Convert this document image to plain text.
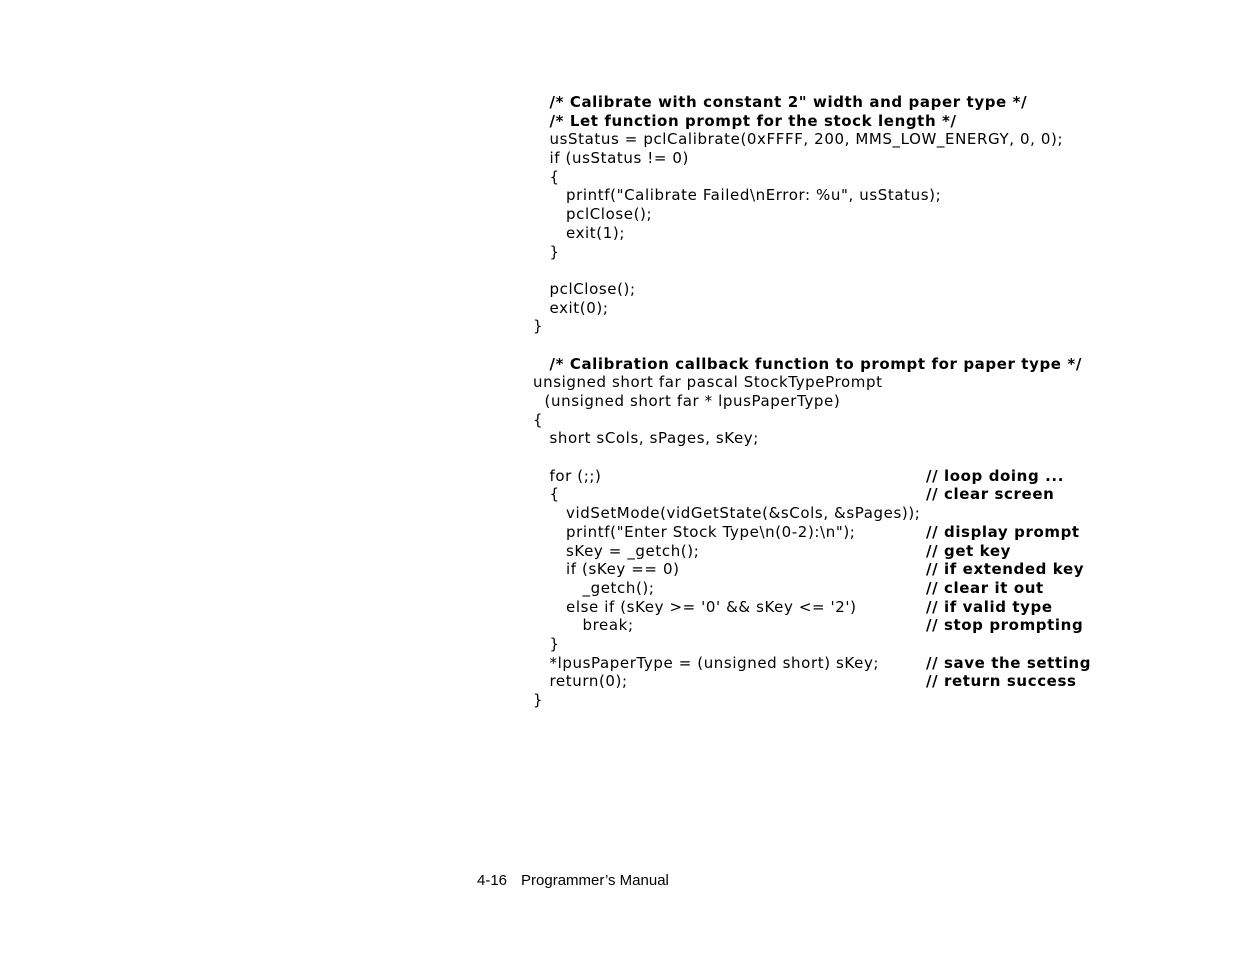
/* Calibrate with constant 2" width and paper type */
/* Let function prompt for the stock length */
usStatus = pclCalibrate(0xFFFF, 200, MMS_LOW_ENERGY, 0, 0);
if (usStatus != 0)
{
printf("Calibrate Failed\nError: %u", usStatus);
pclClose();
exit(1);
}
pclClose();
exit(0);
}
/* Calibration callback function to prompt for paper type */
unsigned short far pascal StockTypePrompt
(unsigned short far * lpusPaperType)
{
short sCols, sPages, sKey;
for (;;)	// loop doing ...
{	// clear screen
vidSetMode(vidGetState(&sCols, &sPages));
printf("Enter Stock Type\n(0-2):\n");	// display prompt
sKey = _getch();	// get key
if (sKey == 0)	// if extended key
_getch();	// clear it out
else if (sKey >= '0' && sKey <= '2')	// if valid type
break;	// stop prompting
}
*lpusPaperType = (unsigned short) sKey;	// save the setting
return(0);	// return success
}
4-16 Programmer’s Manual
